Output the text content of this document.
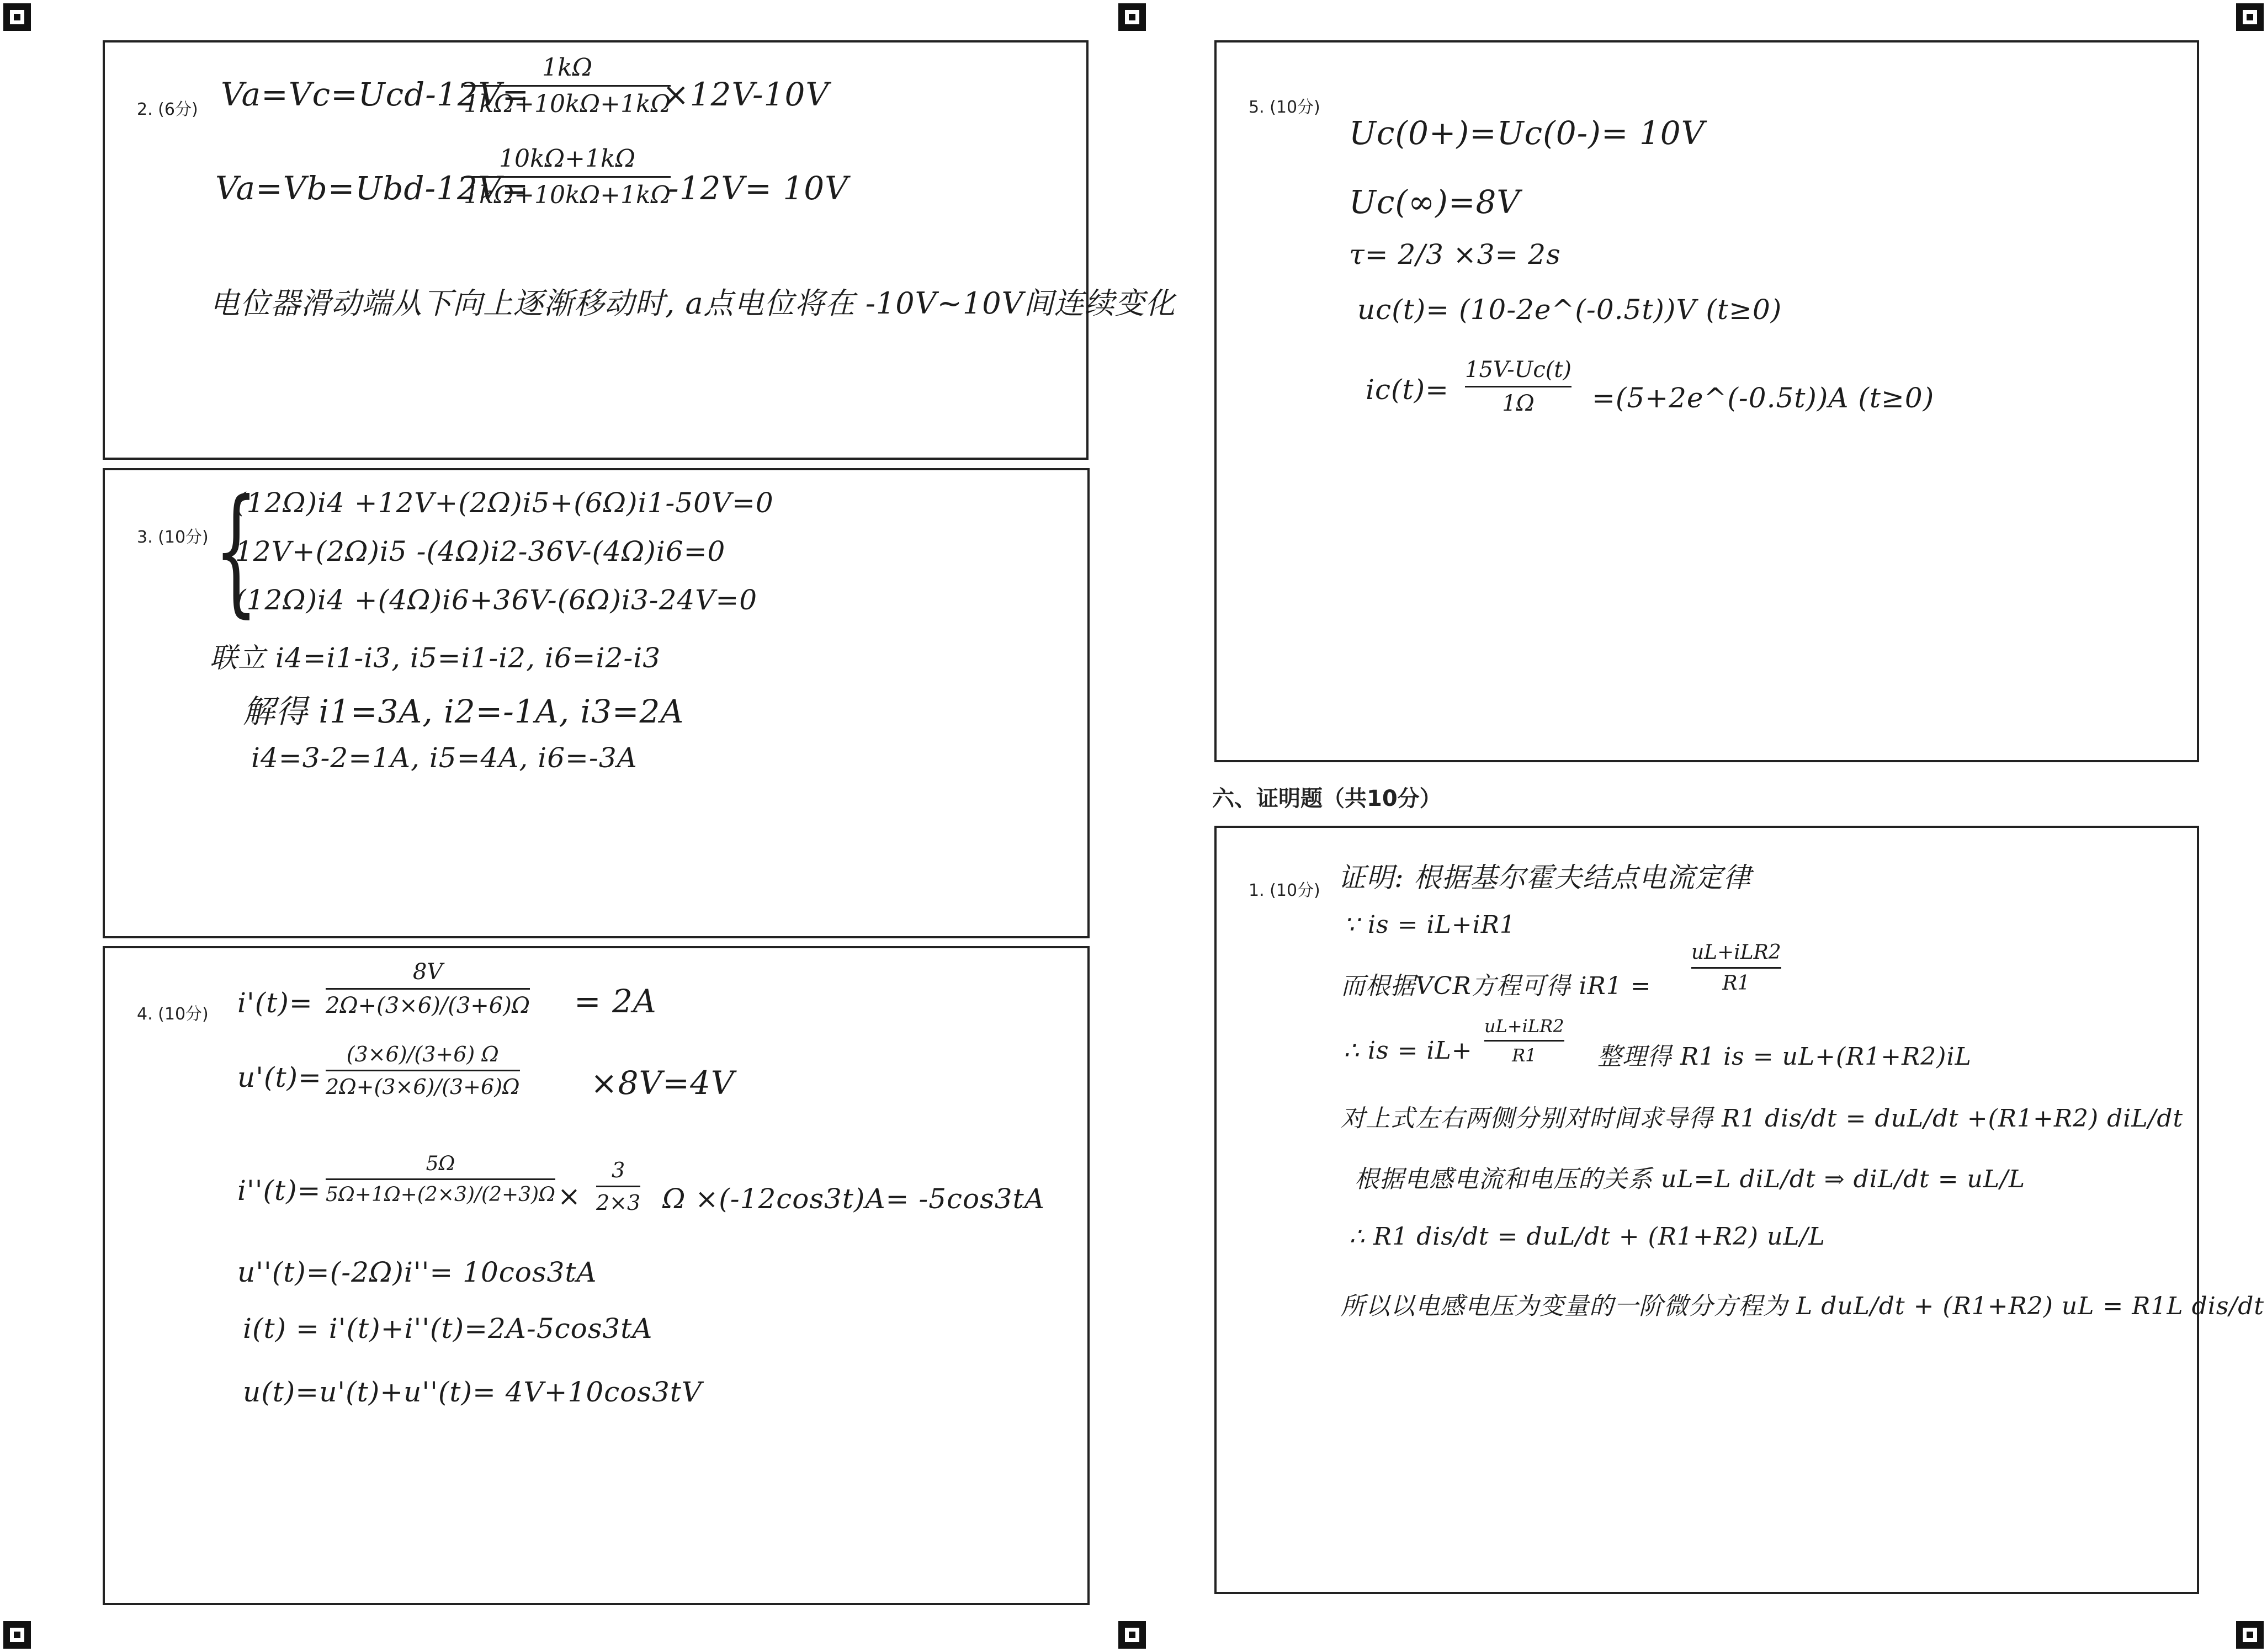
2. (6分) Va=Vc=Ucd-12V=
1kΩ
1kΩ+10kΩ+1kΩ
×12V-10V
Va=Vb=Ubd-12V=
10kΩ+1kΩ
1kΩ+10kΩ+1kΩ
-12V= 10V
电位器滑动端从下向上逐渐移动时, a点电位将在 -10V~10V间连续变化
3. (10分) {
(12Ω)i4 +12V+(2Ω)i5+(6Ω)i1-50V=0
12V+(2Ω)i5 -(4Ω)i2-36V-(4Ω)i6=0
(12Ω)i4 +(4Ω)i6+36V-(6Ω)i3-24V=0
联立 i4=i1-i3, i5=i1-i2, i6=i2-i3
解得 i1=3A, i2=-1A, i3=2A
i4=3-2=1A, i5=4A, i6=-3A
4. (10分) i'(t)=
8V
2Ω+(3×6)/(3+6)Ω = 2A
u'(t)=
(3×6)/(3+6) Ω
2Ω+(3×6)/(3+6)Ω ×8V=4V
i''(t)=
5Ω
5Ω+1Ω+(2×3)/(2+3)Ω ×
3
2×3 Ω ×(-12cos3t)A= -5cos3tA
u''(t)=(-2Ω)i''= 10cos3tA
i(t) = i'(t)+i''(t)=2A-5cos3tA
u(t)=u'(t)+u''(t)= 4V+10cos3tV
5. (10分)
Uc(0+)=Uc(0-)= 10V
Uc(∞)=8V
τ= 2/3 ×3= 2s
uc(t)= (10-2e^(-0.5t))V (t≥0)
ic(t)=
15V-Uc(t)
1Ω	=(5+2e^(-0.5t))A (t≥0)
六、证明题（共10分）
1. (10分) 证明: 根据基尔霍夫结点电流定律
∵ is = iL+iR1
而根据VCR方程可得 iR1 =
uL+iLR2
R1
∴ is = iL+
uL+iLR2
R1	整理得 R1 is = uL+(R1+R2)iL
对上式左右两侧分别对时间求导得 R1 dis/dt = duL/dt +(R1+R2) diL/dt
根据电感电流和电压的关系 uL=L diL/dt ⇒ diL/dt = uL/L
∴ R1 dis/dt = duL/dt + (R1+R2) uL/L
所以以电感电压为变量的一阶微分方程为 L duL/dt + (R1+R2) uL = R1L dis/dt
